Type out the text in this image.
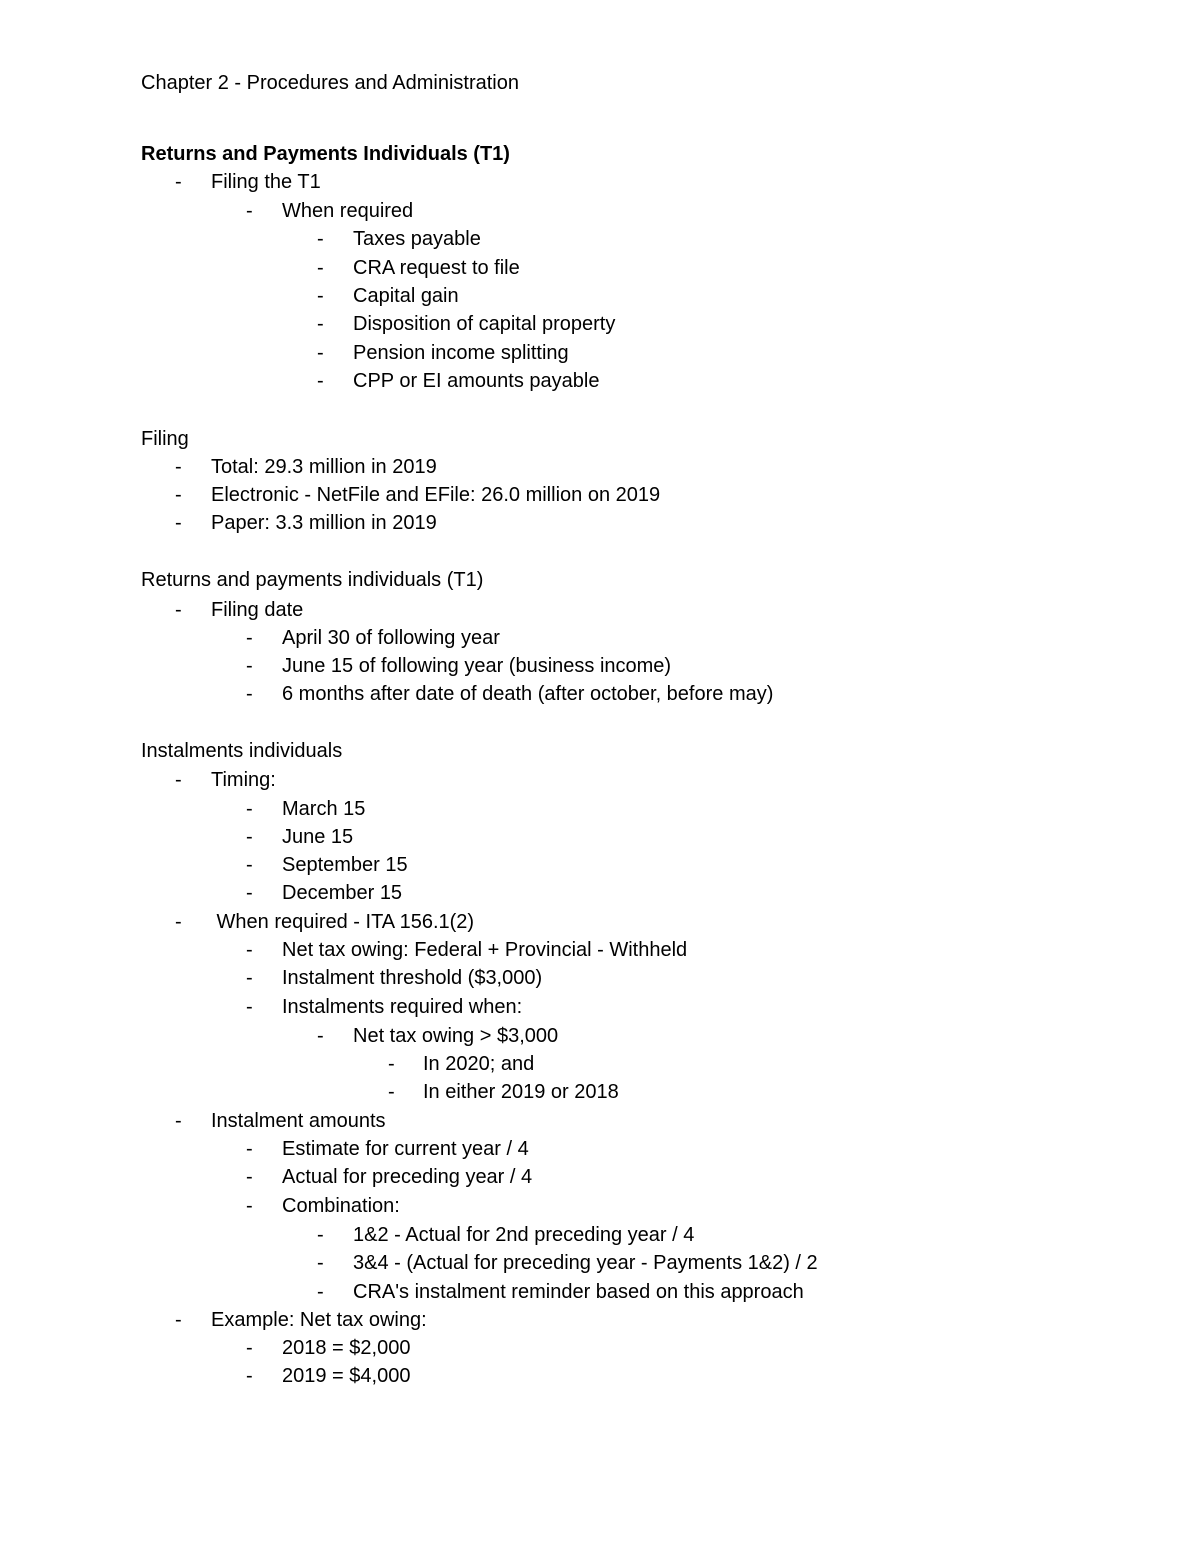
Chapter 2 - Procedures and Administration
Returns and Payments Individuals (T1)
- Filing the T1
- When required
- Taxes payable
- CRA request to file
- Capital gain
- Disposition of capital property
- Pension income splitting
- CPP or EI amounts payable
Filing
- Total: 29.3 million in 2019
- Electronic - NetFile and EFile: 26.0 million on 2019
- Paper: 3.3 million in 2019
Returns and payments individuals (T1)
- Filing date
- April 30 of following year
- June 15 of following year (business income)
- 6 months after date of death (after october, before may)
Instalments individuals
- Timing:
- March 15
- June 15
- September 15
- December 15
- When required - ITA 156.1(2)
- Net tax owing: Federal + Provincial - Withheld
- Instalment threshold ($3,000)
- Instalments required when:
- Net tax owing > $3,000
- In 2020; and
- In either 2019 or 2018
- Instalment amounts
- Estimate for current year / 4
- Actual for preceding year / 4
- Combination:
- 1&2 - Actual for 2nd preceding year / 4
- 3&4 - (Actual for preceding year - Payments 1&2) / 2
- CRA's instalment reminder based on this approach
- Example: Net tax owing:
- 2018 = $2,000
- 2019 = $4,000
